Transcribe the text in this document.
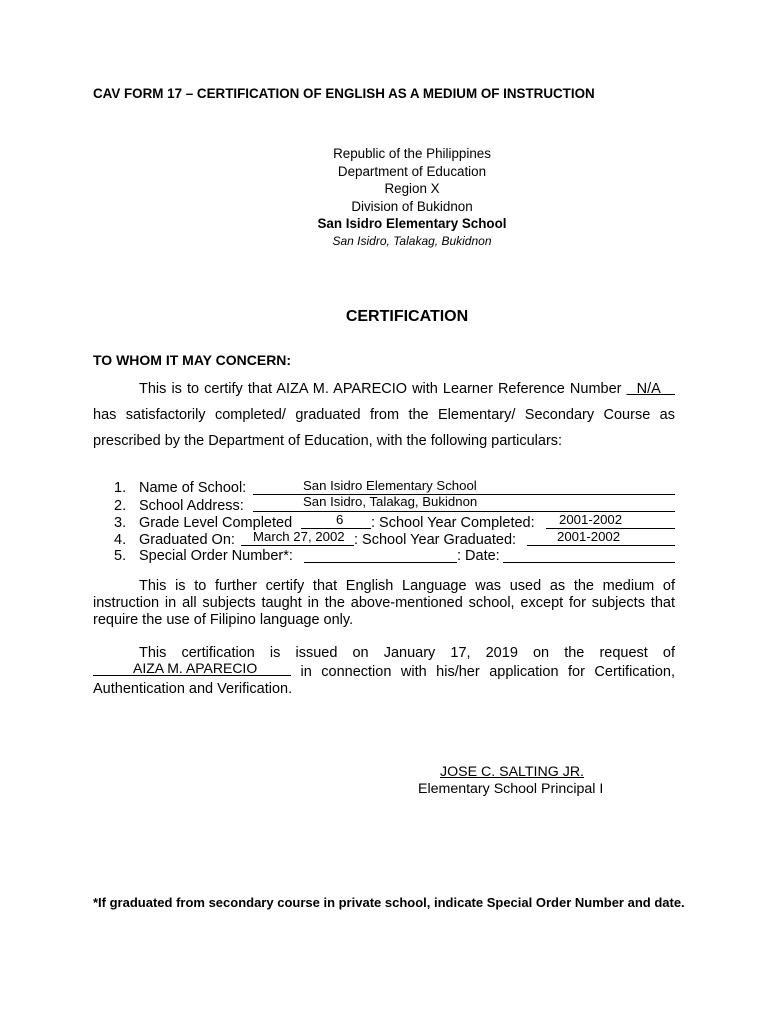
CAV FORM 17 – CERTIFICATION OF ENGLISH AS A MEDIUM OF INSTRUCTION
Republic of the Philippines
Department of Education
Region X
Division of Bukidnon
San Isidro Elementary School
San Isidro, Talakag, Bukidnon
CERTIFICATION
TO WHOM IT MAY CONCERN:
This is to certify that AIZA M. APARECIO with Learner Reference Number N/A    has satisfactorily completed/ graduated from the Elementary/ Secondary Course as prescribed by the Department of Education, with the following particulars:
1. Name of School:	San Isidro Elementary School
2. School Address:	San Isidro, Talakag, Bukidnon
3. Grade Level Completed	6 : School Year Completed: 2001-2002
4. Graduated On: March 27, 2002 : School Year Graduated:	2001-2002
5. Special Order Number*:	: Date:
This is to further certify that English Language was used as the medium of instruction in all subjects taught in the above-mentioned school, except for subjects that require the use of Filipino language only.
This certification is issued on January 17, 2019 on the request of  in connection with his/her application for Certification, Authentication and Verification.
AIZA M. APARECIO
JOSE C. SALTING JR.
Elementary School Principal I
*If graduated from secondary course in private school, indicate Special Order Number and date.
